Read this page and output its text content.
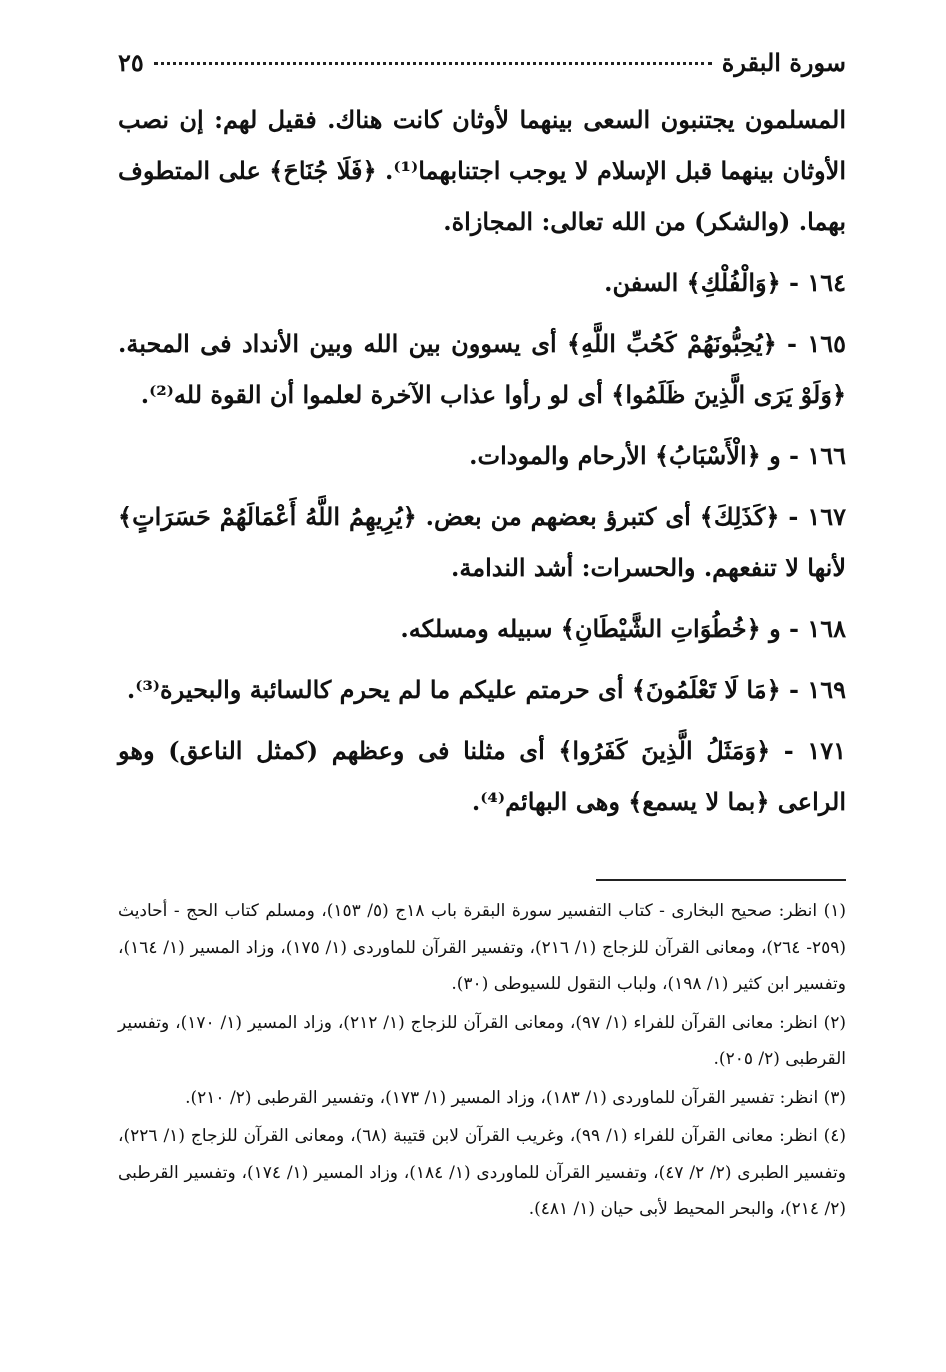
سورة البقرة
٢٥
المسلمون يجتنبون السعى بينهما لأوثان كانت هناك. فقيل لهم: إن نصب الأوثان بينهما قبل الإسلام لا يوجب اجتنابهما⁽¹⁾. ﴿فَلَا جُنَاحَ﴾ على المتطوف بهما. (والشكر) من الله تعالى: المجازاة.
١٦٤ - ﴿وَالْفُلْكِ﴾ السفن.
١٦٥ - ﴿يُحِبُّونَهُمْ كَحُبِّ اللَّهِ﴾ أى يسوون بين الله وبين الأنداد فى المحبة. ﴿وَلَوْ يَرَى الَّذِينَ ظَلَمُوا﴾ أى لو رأوا عذاب الآخرة لعلموا أن القوة لله⁽²⁾.
١٦٦ - و ﴿الْأَسْبَابُ﴾ الأرحام والمودات.
١٦٧ - ﴿كَذَلِكَ﴾ أى كتبرؤ بعضهم من بعض. ﴿يُرِيهِمُ اللَّهُ أَعْمَالَهُمْ حَسَرَاتٍ﴾ لأنها لا تنفعهم. والحسرات: أشد الندامة.
١٦٨ - و ﴿خُطُوَاتِ الشَّيْطَانِ﴾ سبيله ومسلكه.
١٦٩ - ﴿مَا لَا تَعْلَمُونَ﴾ أى حرمتم عليكم ما لم يحرم كالسائبة والبحيرة⁽³⁾.
١٧١ - ﴿وَمَثَلُ الَّذِينَ كَفَرُوا﴾ أى مثلنا فى وعظهم (كمثل الناعق) وهو الراعى ﴿بما لا يسمع﴾ وهى البهائم⁽⁴⁾.
(١) انظر: صحيح البخارى - كتاب التفسير سورة البقرة باب ١٨ج (٥/ ١٥٣)، ومسلم كتاب الحج - أحاديث (٢٥٩- ٢٦٤)، ومعانى القرآن للزجاج (١/ ٢١٦)، وتفسير القرآن للماوردى (١/ ١٧٥)، وزاد المسير (١/ ١٦٤)، وتفسير ابن كثير (١/ ١٩٨)، ولباب النقول للسيوطى (٣٠).
(٢) انظر: معانى القرآن للفراء (١/ ٩٧)، ومعانى القرآن للزجاج (١/ ٢١٢)، وزاد المسير (١/ ١٧٠)، وتفسير القرطبى (٢/ ٢٠٥).
(٣) انظر: تفسير القرآن للماوردى (١/ ١٨٣)، وزاد المسير (١/ ١٧٣)، وتفسير القرطبى (٢/ ٢١٠).
(٤) انظر: معانى القرآن للفراء (١/ ٩٩)، وغريب القرآن لابن قتيبة (٦٨)، ومعانى القرآن للزجاج (١/ ٢٢٦)، وتفسير الطبرى (٢/ ٢/ ٤٧)، وتفسير القرآن للماوردى (١/ ١٨٤)، وزاد المسير (١/ ١٧٤)، وتفسير القرطبى (٢/ ٢١٤)، والبحر المحيط لأبى حيان (١/ ٤٨١).
